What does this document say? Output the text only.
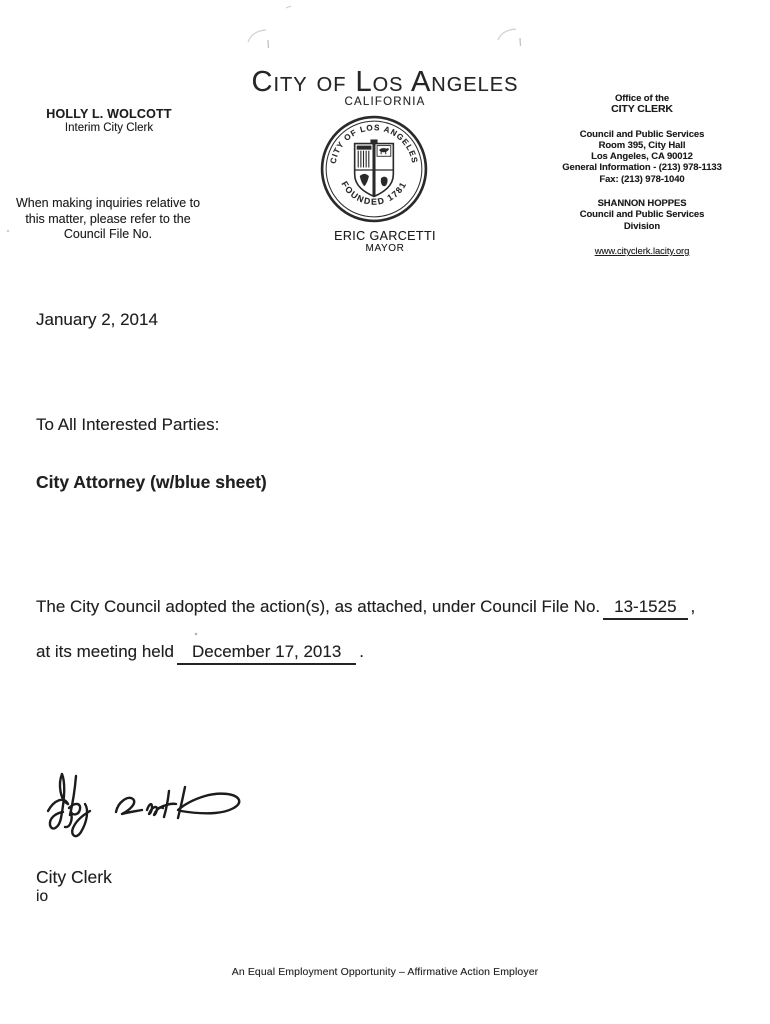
City of Los Angeles
CALIFORNIA
HOLLY L. WOLCOTT
Interim City Clerk
When making inquiries relative to
this matter, please refer to the
Council File No.
CITY OF LOS ANGELES
FOUNDED 1781
ERIC GARCETTI
MAYOR
Office of the
CITY CLERK
Council and Public Services
Room 395, City Hall
Los Angeles, CA 90012
General Information - (213) 978-1133
Fax: (213) 978-1040
SHANNON HOPPES
Council and Public Services
Division
www.cityclerk.lacity.org
January 2, 2014
To All Interested Parties:
City Attorney (w/blue sheet)
The City Council adopted the action(s), as attached, under Council File No. 13-1525 ,
at its meeting held December 17, 2013 .
City Clerk
io
An Equal Employment Opportunity – Affirmative Action Employer
